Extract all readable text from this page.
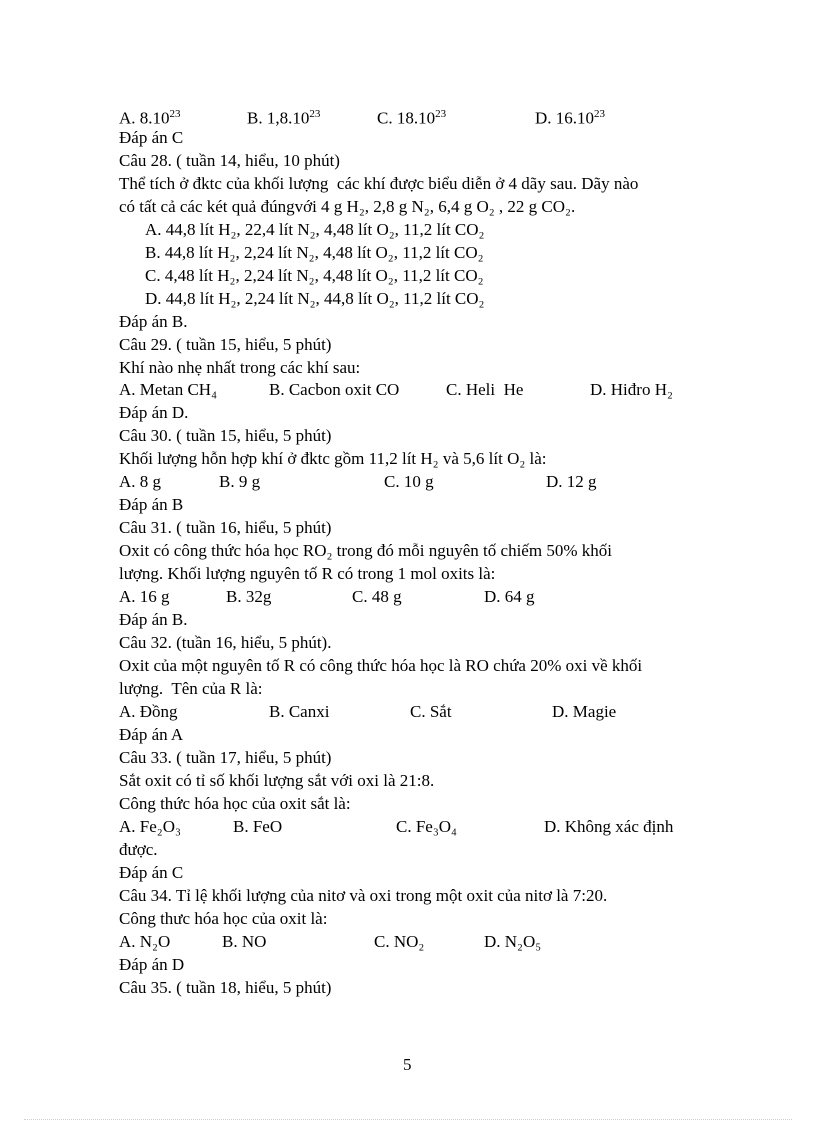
A. 8.10$^{23}$	B. 1,8.10$^{23}$	C. 18.10$^{23}$	D. 16.10$^{23}$
Đáp án C
Câu 28. ( tuần 14, hiểu, 10 phút)
Thể tích ở đktc của khối lượng  các khí được biểu diễn ở 4 dãy sau. Dãy nào
có tất cả các két quả đúngvới 4 g H₂, 2,8 g N₂, 6,4 g O₂ , 22 g CO₂.
A. 44,8 lít H₂, 22,4 lít N₂, 4,48 lít O₂, 11,2 lít CO₂
B. 44,8 lít H₂, 2,24 lít N₂, 4,48 lít O₂, 11,2 lít CO₂
C. 4,48 lít H₂, 2,24 lít N₂, 4,48 lít O₂, 11,2 lít CO₂
D. 44,8 lít H₂, 2,24 lít N₂, 44,8 lít O₂, 11,2 lít CO₂
Đáp án B.
Câu 29. ( tuần 15, hiểu, 5 phút)
Khí nào nhẹ nhất trong các khí sau:
A. Metan CH₄	B. Cacbon oxit CO	C. Heli  He	D. Hiđro H₂
Đáp án D.
Câu 30. ( tuần 15, hiểu, 5 phút)
Khối lượng hỗn hợp khí ở đktc gồm 11,2 lít H₂ và 5,6 lít O₂ là:
A. 8 g	B. 9 g	C. 10 g	D. 12 g
Đáp án B
Câu 31. ( tuần 16, hiểu, 5 phút)
Oxit có công thức hóa học RO₂ trong đó mỗi nguyên tố chiếm 50% khối
lượng. Khối lượng nguyên tố R có trong 1 mol oxits là:
A. 16 g	B. 32g	C. 48 g	D. 64 g
Đáp án B.
Câu 32. (tuần 16, hiểu, 5 phút).
Oxit của một nguyên tố R có công thức hóa học là RO chứa 20% oxi về khối
lượng.  Tên của R là:
A. Đồng	B. Canxi	C. Sắt	D. Magie
Đáp án A
Câu 33. ( tuần 17, hiểu, 5 phút)
Sắt oxit có tỉ số khối lượng sắt với oxi là 21:8.
Công thức hóa học của oxit sắt là:
A. Fe₂O₃	B. FeO	C. Fe₃O₄	D. Không xác định
được.
Đáp án C
Câu 34. Tỉ lệ khối lượng của nitơ và oxi trong một oxit của nitơ là 7:20.
Công thưc hóa học của oxit là:
A. N₂O	B. NO	C. NO₂	D. N₂O₅
Đáp án D
Câu 35. ( tuần 18, hiểu, 5 phút)
5
